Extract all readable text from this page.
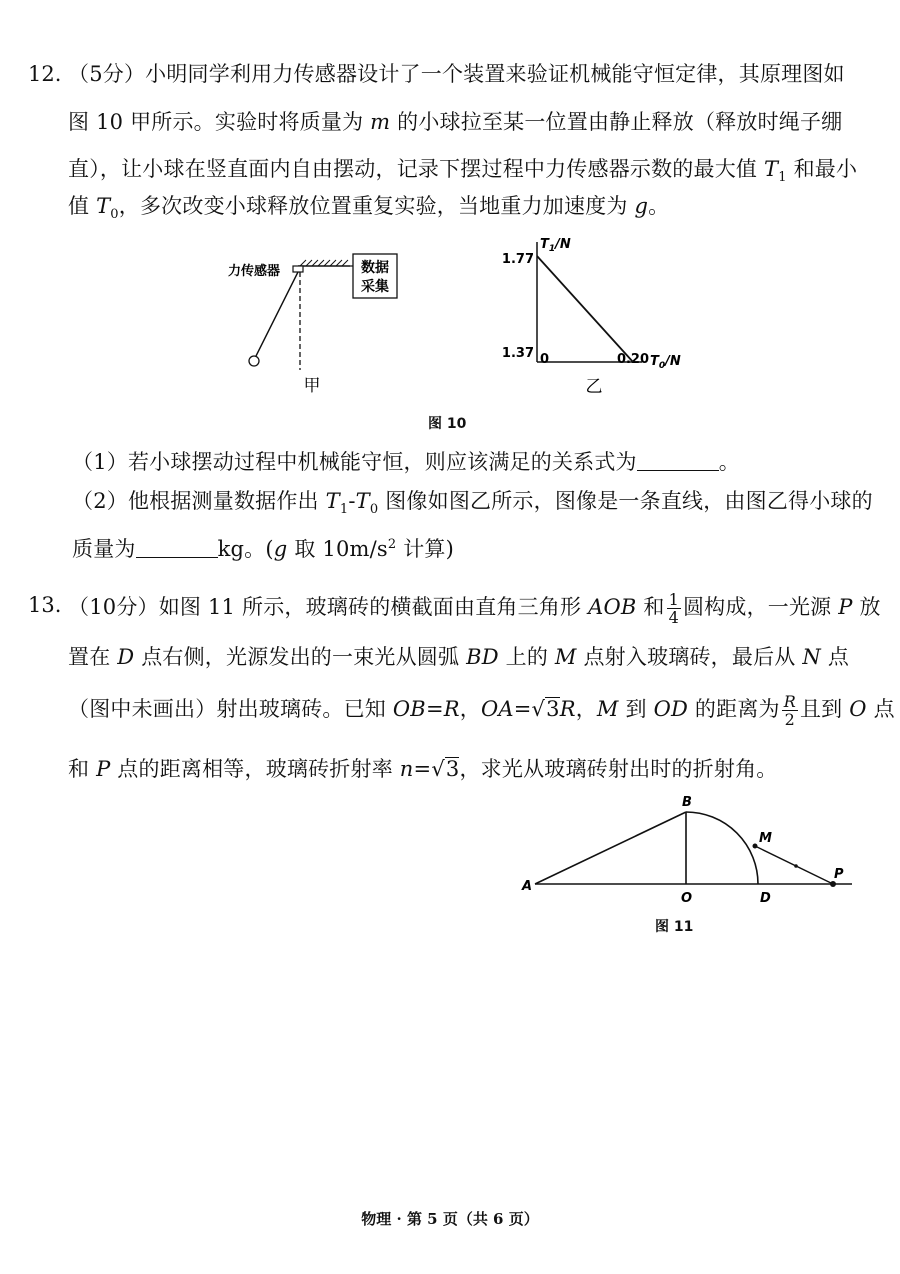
12. （5分）小明同学利用力传感器设计了一个装置来验证机械能守恒定律，其原理图如
图 10 甲所示。实验时将质量为 m 的小球拉至某一位置由静止释放（释放时绳子绷
直），让小球在竖直面内自由摆动，记录下摆过程中力传感器示数的最大值 $T_1$ 和最小
值 $T_0$，多次改变小球释放位置重复实验，当地重力加速度为 g。
数据
采集
力传感器
甲
$T_1/N$
$T_0/N$
0
1.37
1.77
0.20
乙
图 10
（1）若小球摆动过程中机械能守恒，则应该满足的关系式为	。
（2）他根据测量数据作出 $T_1-T_0$ 图像如图乙所示，图像是一条直线，由图乙得小球的
质量为	kg。(g 取 $10m/s^2$ 计算)
13. （10分）如图 11 所示，玻璃砖的横截面由直角三角形 AOB 和 $\frac{1}{4}$ 圆构成，一光源 P 放
置在 D 点右侧，光源发出的一束光从圆弧 BD 上的 M 点射入玻璃砖，最后从 N 点
（图中未画出）射出玻璃砖。已知 OB=R，OA=√3R，M 到 OD 的距离为 $\frac{R}{2}$ 且到 O 点
和 P 点的距离相等，玻璃砖折射率 n=√3，求光从玻璃砖射出时的折射角。
A
B
O	D
M
P
图 11
物理 · 第 5 页（共 6 页）
